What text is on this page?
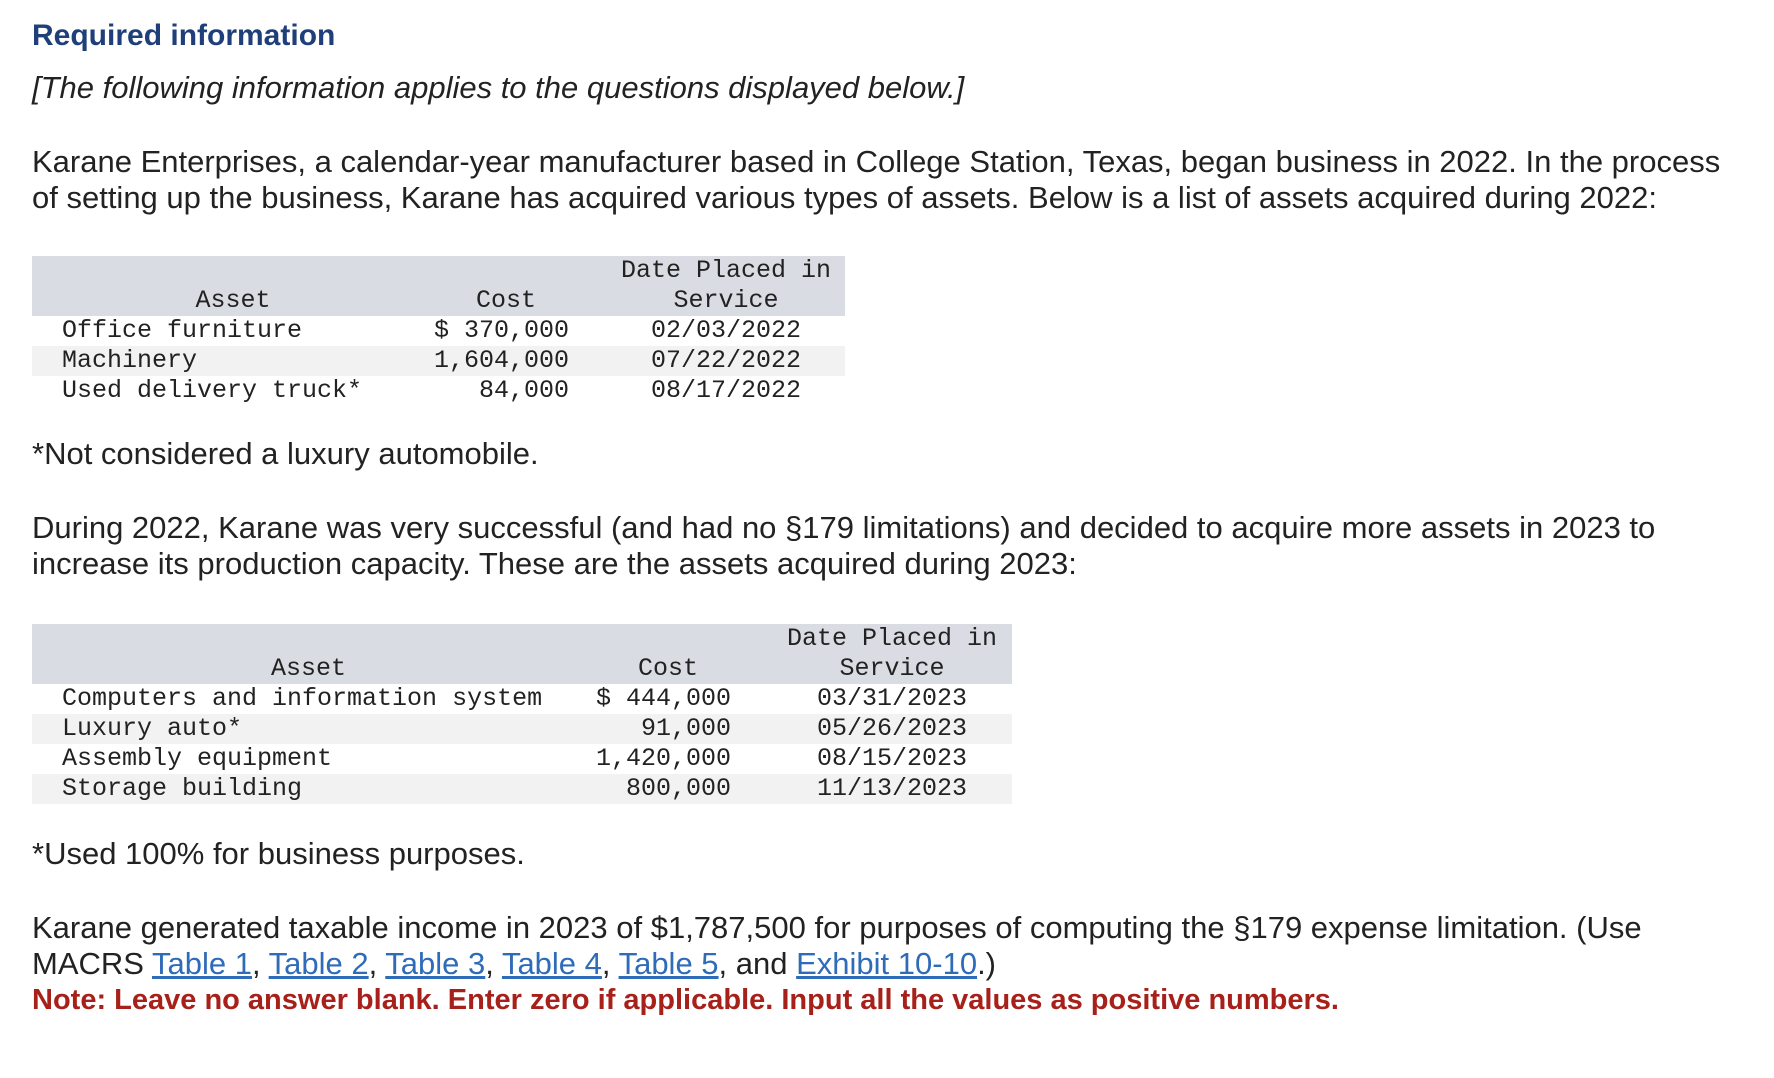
Required information

[The following information applies to the questions displayed below.]

Karane Enterprises, a calendar-year manufacturer based in College Station, Texas, began business in 2022. In the process of setting up the business, Karane has acquired various types of assets. Below is a list of assets acquired during 2022:

Asset	Cost		Date Placed in
Service

Office furniture	$ 370,000		02/03/2022
Machinery	1,604,000		07/22/2022
Used delivery truck*	84,000		08/17/2022

*Not considered a luxury automobile.

During 2022, Karane was very successful (and had no §179 limitations) and decided to acquire more assets in 2023 to increase its production capacity. These are the assets acquired during 2023:

Asset	Cost		Date Placed in
Service

Computers and information system	$ 444,000		03/31/2023
Luxury auto*	91,000		05/26/2023
Assembly equipment	1,420,000		08/15/2023
Storage building	800,000		11/13/2023

*Used 100% for business purposes.

Karane generated taxable income in 2023 of $1,787,500 for purposes of computing the §179 expense limitation. (Use MACRS Table 1, Table 2, Table 3, Table 4, Table 5, and Exhibit 10-10.)

Note: Leave no answer blank. Enter zero if applicable. Input all the values as positive numbers.
